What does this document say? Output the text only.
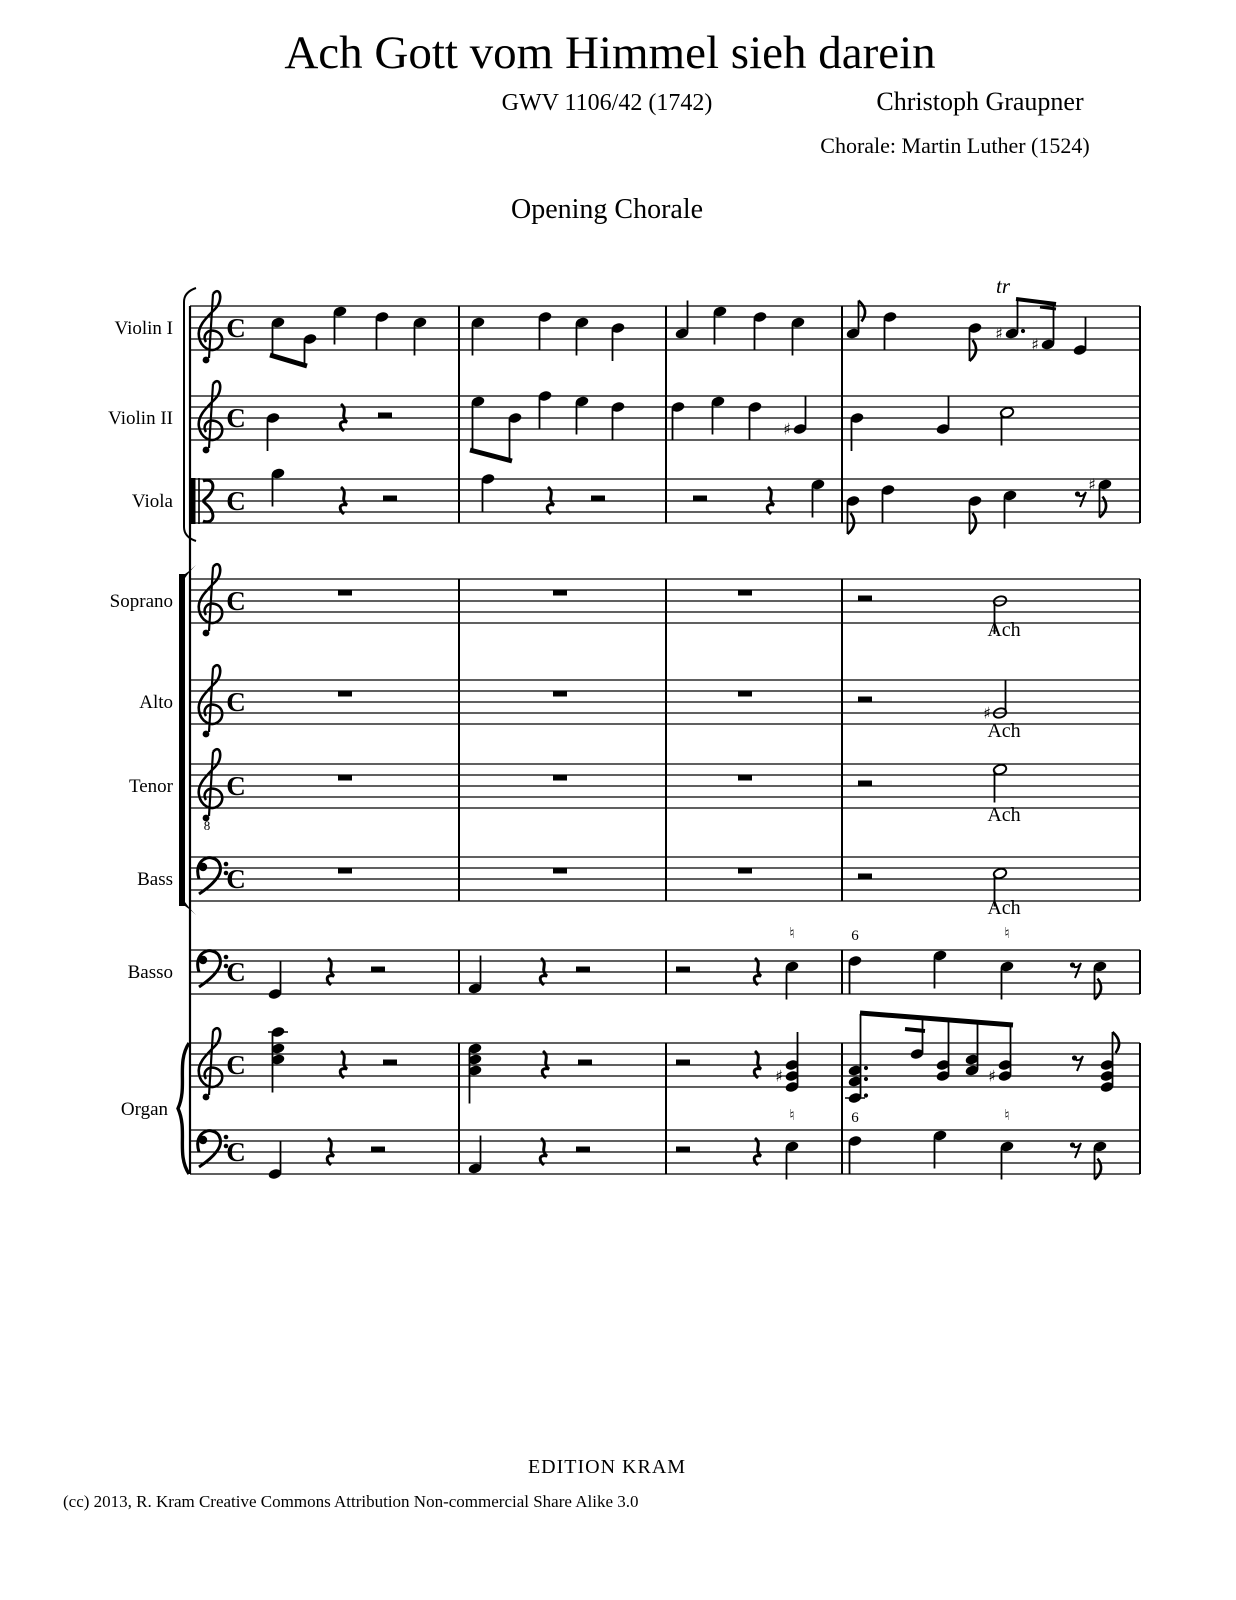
Ach Gott vom Himmel sieh darein
GWV 1106/42 (1742)	Christoph Graupner
Chorale: Martin Luther (1524)
Opening Chorale
Violin I C	♯
♯
Violin II C	♯
Viola C
♯
Soprano C
Ach
Alto C	♯
Ach
Tenor
8
C
Ach
Bass C
Ach
Basso C
C	♯	♯
C
♮	6	♮
♮	6	♮
tr
Organ
EDITION KRAM
(cc) 2013, R. Kram Creative Commons Attribution Non-commercial Share Alike 3.0
